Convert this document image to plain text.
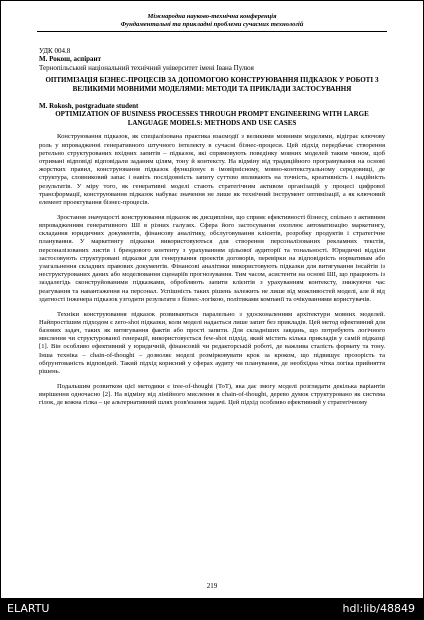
Міжнародна науково-технічна конференція
Фундаментальні та прикладні проблеми сучасних технологій
УДК 004.8
М. Рокош, аспірант
Тернопільський національний технічний університет імені Івана Пулюя
ОПТИМІЗАЦІЯ БІЗНЕС-ПРОЦЕСІВ ЗА ДОПОМОГОЮ КОНСТРУЮВАННЯ ПІДКАЗОК У РОБОТІ З ВЕЛИКИМИ МОВНИМИ МОДЕЛЯМИ: МЕТОДИ ТА ПРИКЛАДИ ЗАСТОСУВАННЯ
M. Rokosh, postgraduate student
OPTIMIZATION OF BUSINESS PROCESSES THROUGH PROMPT ENGINEERING WITH LARGE LANGUAGE MODELS: METHODS AND USE CASES

Конструювання підказок, як спеціалізована практика взаємодії з великими мовними моделями, відіграє ключову роль у впровадженні генеративного штучного інтелекту в сучасні бізнес-процеси. Цей підхід передбачає створення ретельно структурованих вхідних запитів – підказок, які спрямовують поведінку мовних моделей таким чином, щоб отримані відповіді відповідали заданим цілям, тону й контексту. На відміну від традиційного програмування на основі жорстких правил, конструювання підказок функціонує в імовірнісному, мовно-контекстуальному середовищі, де структура, словниковий запас і навіть послідовність запиту суттєво впливають на точність, креативність і надійність результатів. У міру того, як генеративні моделі стають стратегічним активом організацій у процесі цифрової трансформації, конструювання підказок набуває значення не лише як технічний інструмент оптимізації, а як ключовий елемент проектування бізнес-процесів.

Зростання значущості конструювання підказок як дисципліни, що сприяє ефективності бізнесу, спільно з активним впровадженням генеративного ШІ в різних галузях. Сфера його застосування охоплює автоматизацію маркетингу, складання юридичних документів, фінансову аналітику, обслуговування клієнтів, розробку продуктів і стратегічне планування. У маркетингу підказки використовуються для створення персоналізованих рекламних текстів, персоналізованих листів і брендового контенту з урахуванням цільової аудиторії та тональності. Юридичні відділи застосовують структуровані підказки для генерування проектів договорів, перевірки на відповідність нормативам або узагальнення складних правових документів. Фінансові аналітики використовують підказки для витягування інсайтів із неструктурованих даних або моделювання сценаріїв прогнозування. Тим часом, асистенти на основі ШІ, що працюють із заздалегідь сконструйованими підказками, обробляють запити клієнтів з урахуванням контексту, знижуючи час реагування та навантаження на персонал. Успішність таких рішень залежить не лише від можливостей моделі, але й від здатності інженера підказок узгодити результати з бізнес-логікою, політиками компанії та очікуваннями користувачів.

Техніки конструювання підказок розвиваються паралельно з удосконаленням архітектури мовних моделей. Найпростішим підходом є zero-shot підказки, коли моделі надається лише запит без прикладів. Цей метод ефективний для базових задач, таких як витягування фактів або прості запити. Для складніших завдань, що потребують логічного мислення чи структурованої генерації, використовується few-shot підхід, який містить кілька прикладів у самій підказці [1]. Він особливо ефективний у юридичній, фінансовій чи редакторській роботі, де важлива сталість формату та тону. Інша техніка – chain-of-thought – дозволяє моделі розмірковувати крок за кроком, що підвищує прозорість та обґрунтованість відповідей. Такий підхід корисний у сферах аудиту чи планування, де необхідна чітка логіка прийняття рішень.

Подальшим розвитком цієї методики є tree-of-thought (ToT), яка дає змогу моделі розглядати декілька варіантів вирішення одночасно [2]. На відміну від лінійного мислення в chain-of-thought, дерево думок структуровано як система гілок, де кожна гілка – це альтернативний шлях розв'язання задачі. Цей підхід особливо ефективний у стратегічному

219
ELARTU	hdl:lib/48849
